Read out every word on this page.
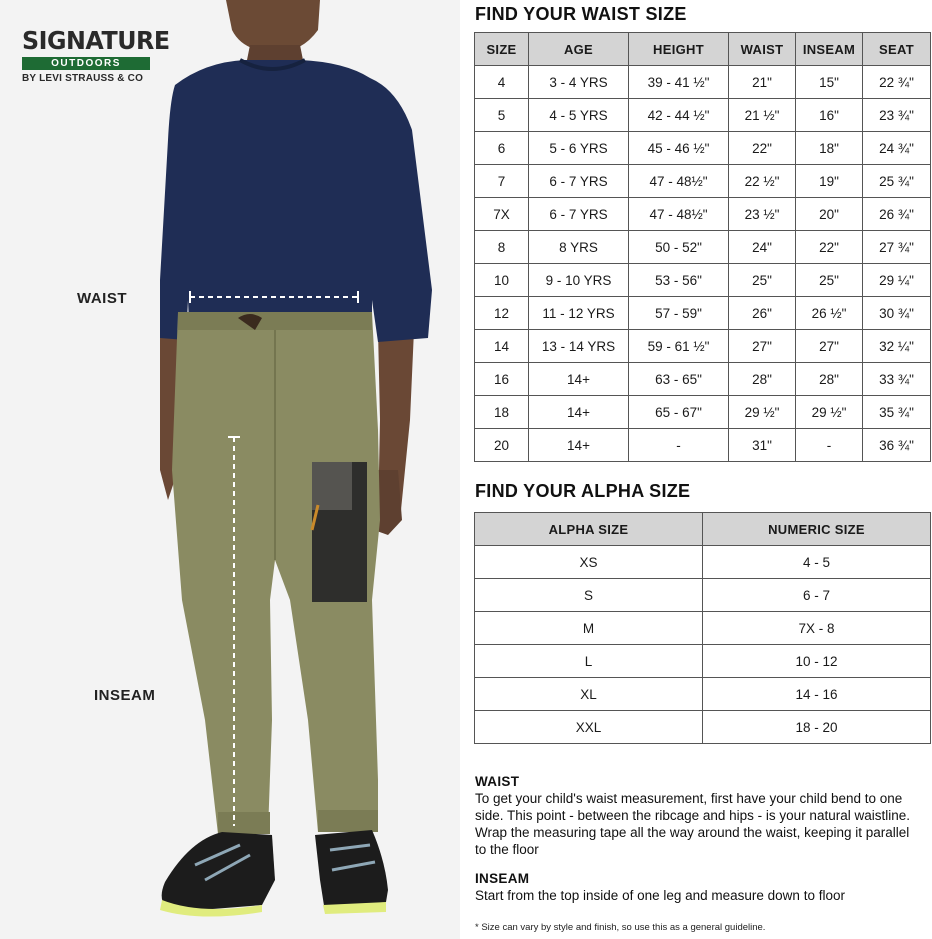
SIGNATURE
OUTDOORS
BY LEVI STRAUSS & CO
WAIST
INSEAM
FIND YOUR WAIST SIZE
SIZE	AGE	HEIGHT	WAIST	INSEAM	SEAT
4	3 - 4 YRS	39 - 41 ½"	21"	15"	22 ¾"
5	4 - 5 YRS	42 - 44 ½"	21 ½"	16"	23 ¾"
6	5 - 6 YRS	45 - 46 ½"	22"	18"	24 ¾"
7	6 - 7 YRS	47 - 48½"	22 ½"	19"	25 ¾"
7X	6 - 7 YRS	47 - 48½"	23 ½"	20"	26 ¾"
8	8 YRS	50 - 52"	24"	22"	27 ¾"
10	9 - 10 YRS	53 - 56"	25"	25"	29 ¼"
12	11 - 12 YRS	57 - 59"	26"	26 ½"	30 ¾"
14	13 - 14 YRS	59 - 61 ½"	27"	27"	32 ¼"
16	14+	63 - 65"	28"	28"	33 ¾"
18	14+	65 - 67"	29 ½"	29 ½"	35 ¾"
20	14+	-	31"	-	36 ¾"
FIND YOUR ALPHA SIZE
ALPHA SIZE	NUMERIC SIZE
XS	4 - 5
S	6 - 7
M	7X - 8
L	10 - 12
XL	14 - 16
XXL	18 - 20
WAIST

To get your child's waist measurement, first have your child bend to one side. This point - between the ribcage and hips - is your natural waistline. Wrap the measuring tape all the way around the waist, keeping it parallel to the floor

INSEAM

Start from the top inside of one leg and measure down to floor

* Size can vary by style and finish, so use this as a general guideline.
